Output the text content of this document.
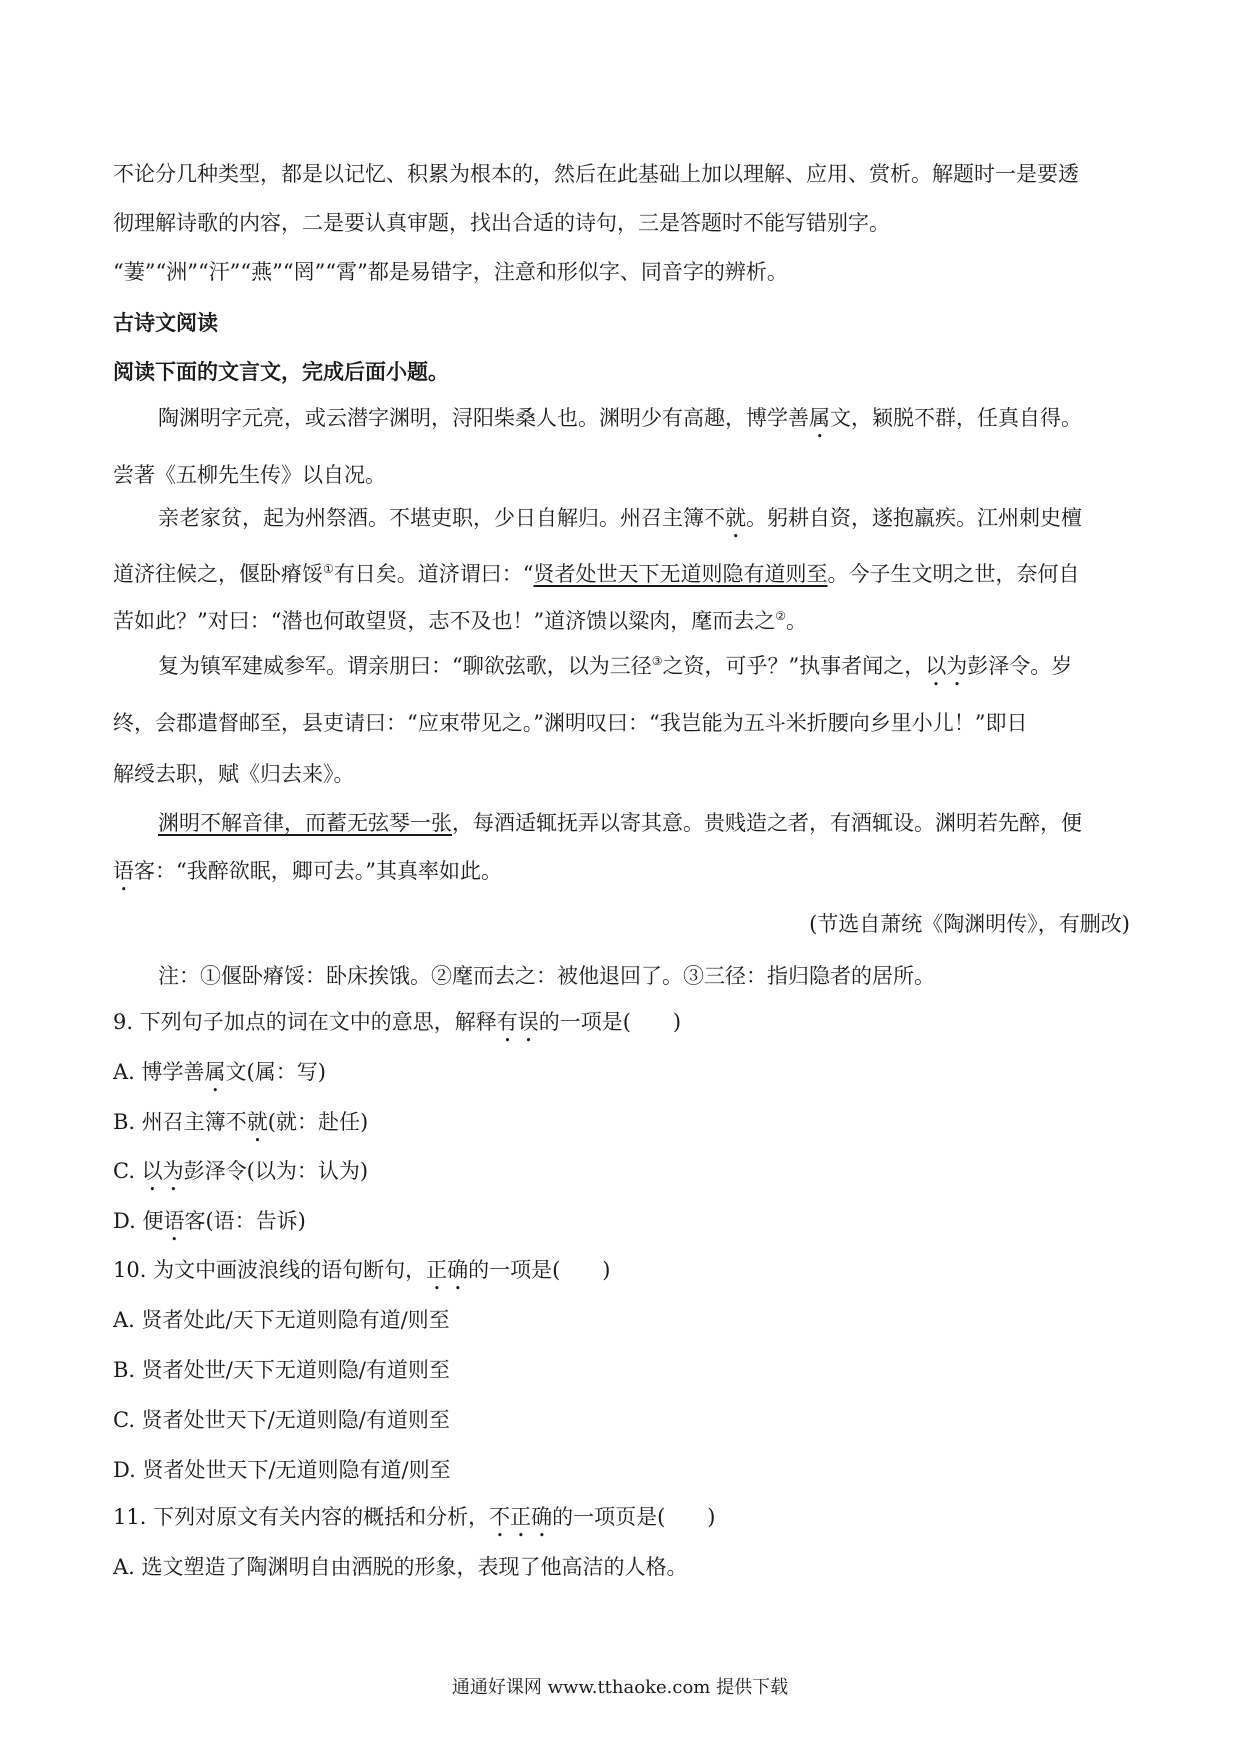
不论分几种类型，都是以记忆、积累为根本的，然后在此基础上加以理解、应用、赏析。解题时一是要透
彻理解诗歌的内容，二是要认真审题，找出合适的诗句，三是答题时不能写错别字。
“萋”“洲”“汗”“燕”“罔”“霄”都是易错字，注意和形似字、同音字的辨析。
古诗文阅读
阅读下面的文言文，完成后面小题。
陶渊明字元亮，或云潜字渊明，浔阳柴桑人也。渊明少有高趣，博学善属文，颖脱不群，任真自得。
尝著《五柳先生传》以自况。
亲老家贫，起为州祭酒。不堪吏职，少日自解归。州召主簿不就。躬耕自资，遂抱羸疾。江州刺史檀
道济往候之，偃卧瘠馁①有日矣。道济谓曰：“贤者处世天下无道则隐有道则至。今子生文明之世，奈何自
苦如此？”对曰：“潜也何敢望贤，志不及也！”道济馈以粱肉，麾而去之②。
复为镇军建威参军。谓亲朋曰：“聊欲弦歌，以为三径③之资，可乎？”执事者闻之，以为彭泽令。岁
终，会郡遣督邮至，县吏请曰：“应束带见之。”渊明叹曰：“我岂能为五斗米折腰向乡里小儿！”即日
解绶去职，赋《归去来》。
渊明不解音律，而蓄无弦琴一张，每酒适辄抚弄以寄其意。贵贱造之者，有酒辄设。渊明若先醉，便
语客：“我醉欲眠，卿可去。”其真率如此。
(节选自萧统《陶渊明传》，有删改)
注：①偃卧瘠馁：卧床挨饿。②麾而去之：被他退回了。③三径：指归隐者的居所。
9. 下列句子加点的词在文中的意思，解释有误的一项是(　　)
A. 博学善属文(属：写)
B. 州召主簿不就(就：赴任)
C. 以为彭泽令(以为：认为)
D. 便语客(语：告诉)
10. 为文中画波浪线的语句断句，正确的一项是(　　)
A. 贤者处此/天下无道则隐有道/则至
B. 贤者处世/天下无道则隐/有道则至
C. 贤者处世天下/无道则隐/有道则至
D. 贤者处世天下/无道则隐有道/则至
11. 下列对原文有关内容的概括和分析，不正确的一项页是(　　)
A. 选文塑造了陶渊明自由洒脱的形象，表现了他高洁的人格。
通通好课网 www.tthaoke.com 提供下载
